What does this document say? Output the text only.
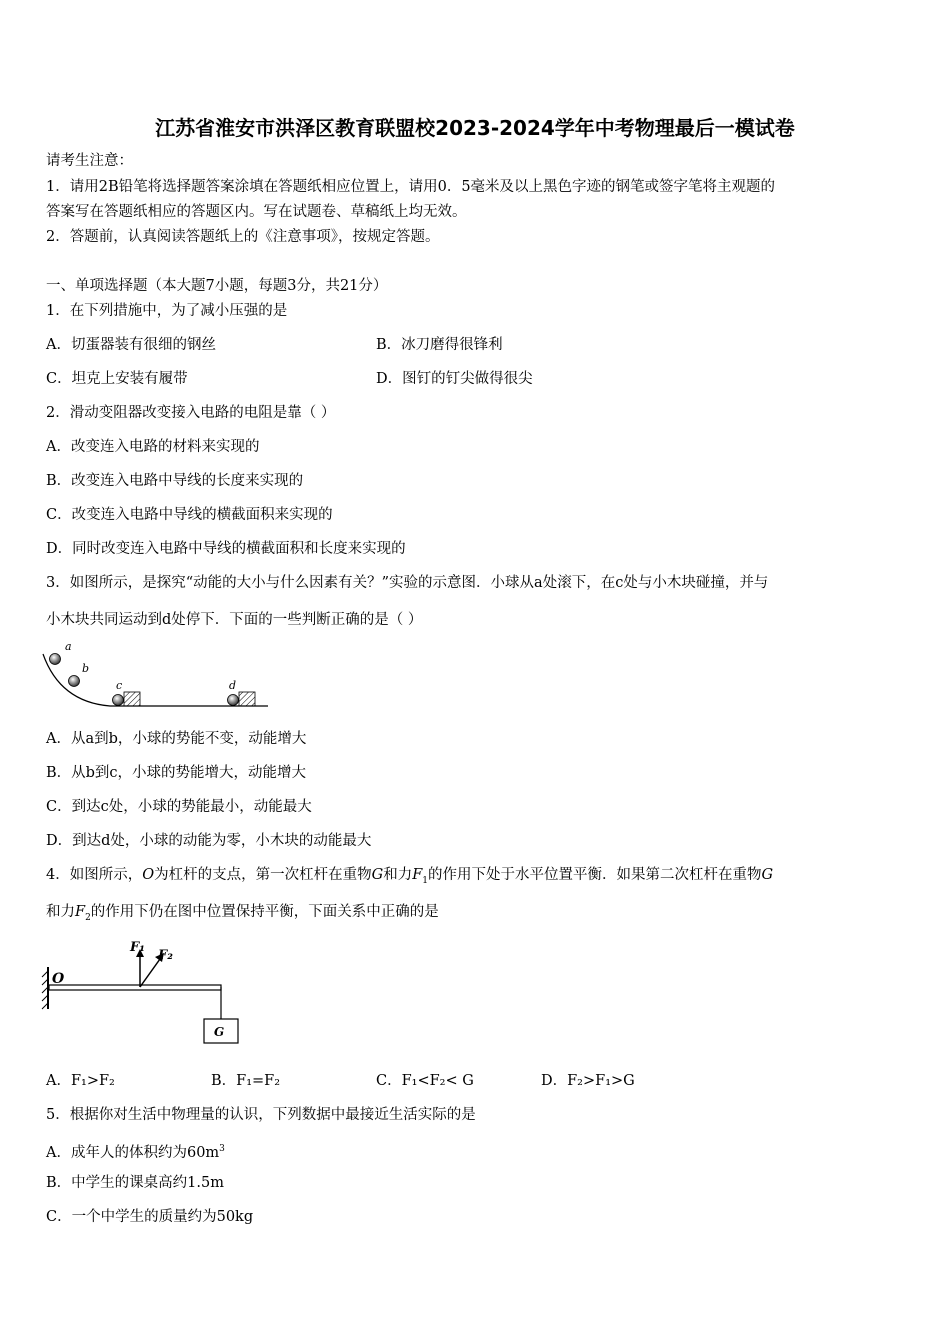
江苏省淮安市洪泽区教育联盟校2023-2024学年中考物理最后一模试卷
请考生注意：
1．请用2B铅笔将选择题答案涂填在答题纸相应位置上，请用0．5毫米及以上黑色字迹的钢笔或签字笔将主观题的
答案写在答题纸相应的答题区内。写在试题卷、草稿纸上均无效。
2．答题前，认真阅读答题纸上的《注意事项》，按规定答题。
一、单项选择题（本大题7小题，每题3分，共21分）
1．在下列措施中，为了减小压强的是
A．切蛋器装有很细的钢丝	B．冰刀磨得很锋利
C．坦克上安装有履带	D．图钉的钉尖做得很尖
2．滑动变阻器改变接入电路的电阻是靠（ ）
A．改变连入电路的材料来实现的
B．改变连入电路中导线的长度来实现的
C．改变连入电路中导线的横截面积来实现的
D．同时改变连入电路中导线的横截面积和长度来实现的
3．如图所示，是探究“动能的大小与什么因素有关？”实验的示意图．小球从a处滚下，在c处与小木块碰撞，并与
小木块共同运动到d处停下．下面的一些判断正确的是（ ）
a
b
c	d
A．从a到b，小球的势能不变，动能增大
B．从b到c，小球的势能增大，动能增大
C．到达c处，小球的势能最小，动能最大
D．到达d处，小球的动能为零，小木块的动能最大
4．如图所示，O为杠杆的支点，第一次杠杆在重物G和力$F_1$的作用下处于水平位置平衡．如果第二次杠杆在重物G
和力$F_2$的作用下仍在图中位置保持平衡，下面关系中正确的是
F₁
F₂
O
G
A．F₁>F₂	B．F₁=F₂	C．F₁<F₂< G	D．F₂>F₁>G
5．根据你对生活中物理量的认识，下列数据中最接近生活实际的是
A．成年人的体积约为$60m^3$
B．中学生的课桌高约1.5m
C．一个中学生的质量约为50kg
